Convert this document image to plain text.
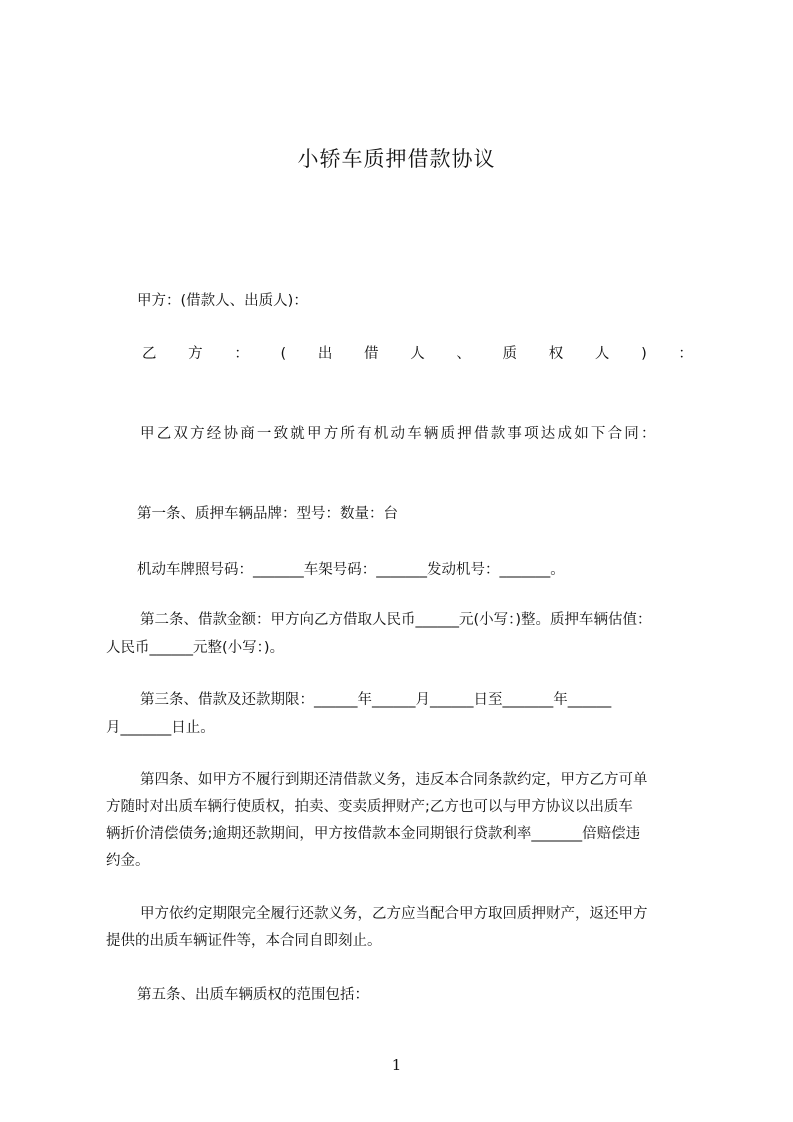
小轿车质押借款协议
甲方：(借款人、出质人)：
乙 方 ： ( 出 借 人 、 质 权 人 ) ：
甲乙双方经协商一致就甲方所有机动车辆质押借款事项达成如下合同：
第一条、质押车辆品牌：型号：数量：台
机动车牌照号码：_______车架号码：_______发动机号：_______。
第二条、借款金额：甲方向乙方借取人民币______元(小写：)整。质押车辆估值：
人民币______元整(小写：)。
第三条、借款及还款期限：______年______月______日至_______年______
月_______日止。
第四条、如甲方不履行到期还清借款义务，违反本合同条款约定，甲方乙方可单
方随时对出质车辆行使质权，拍卖、变卖质押财产;乙方也可以与甲方协议以出质车
辆折价清偿债务;逾期还款期间，甲方按借款本金同期银行贷款利率_______倍赔偿违
约金。
甲方依约定期限完全履行还款义务，乙方应当配合甲方取回质押财产，返还甲方
提供的出质车辆证件等，本合同自即刻止。
第五条、出质车辆质权的范围包括：
1
